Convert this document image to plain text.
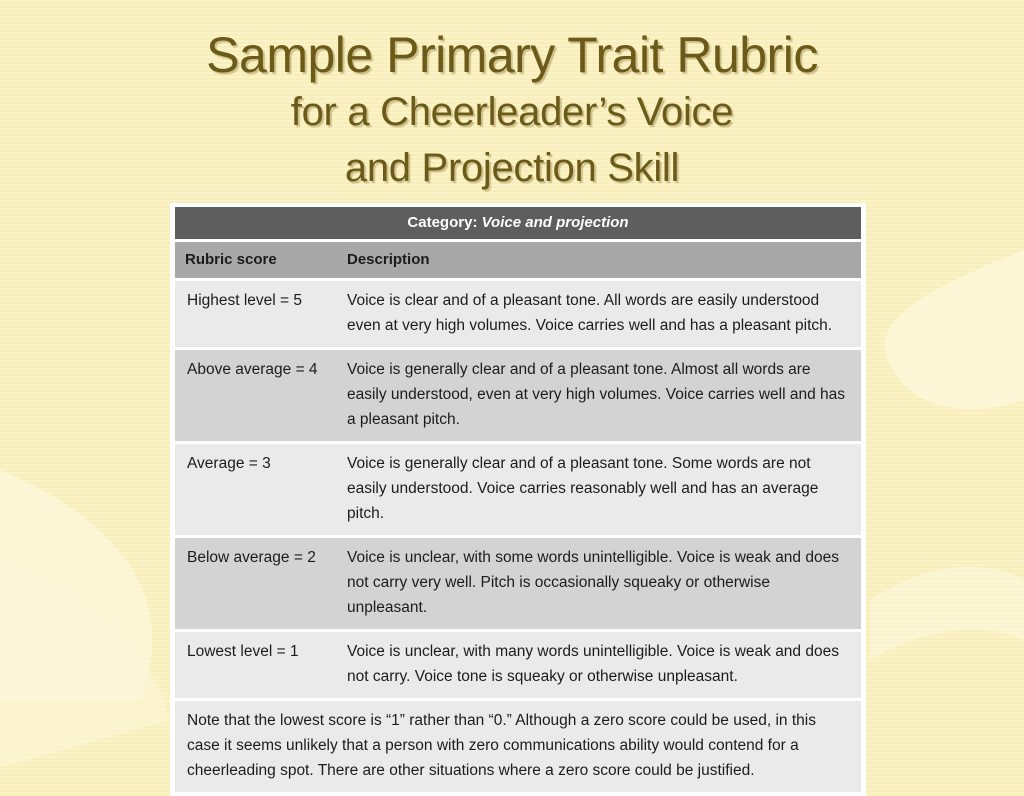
Sample Primary Trait Rubric
for a Cheerleader’s Voice
and Projection Skill
Category: Voice and projection	
Rubric score	Description
Highest level = 5	Voice is clear and of a pleasant tone. All words are easily understood even at very high volumes. Voice carries well and has a pleasant pitch.
Above average = 4	Voice is generally clear and of a pleasant tone. Almost all words are easily understood, even at very high volumes. Voice carries well and has a pleasant pitch.
Average = 3	Voice is generally clear and of a pleasant tone. Some words are not easily understood. Voice carries reasonably well and has an average pitch.
Below average = 2	Voice is unclear, with some words unintelligible. Voice is weak and does not carry very well. Pitch is occasionally squeaky or otherwise unpleasant.
Lowest level = 1	Voice is unclear, with many words unintelligible. Voice is weak and does not carry. Voice tone is squeaky or otherwise unpleasant.
Note that the lowest score is “1” rather than “0.” Although a zero score could be used, in this case it seems unlikely that a person with zero communications ability would contend for a cheerleading spot. There are other situations where a zero score could be justified.	
